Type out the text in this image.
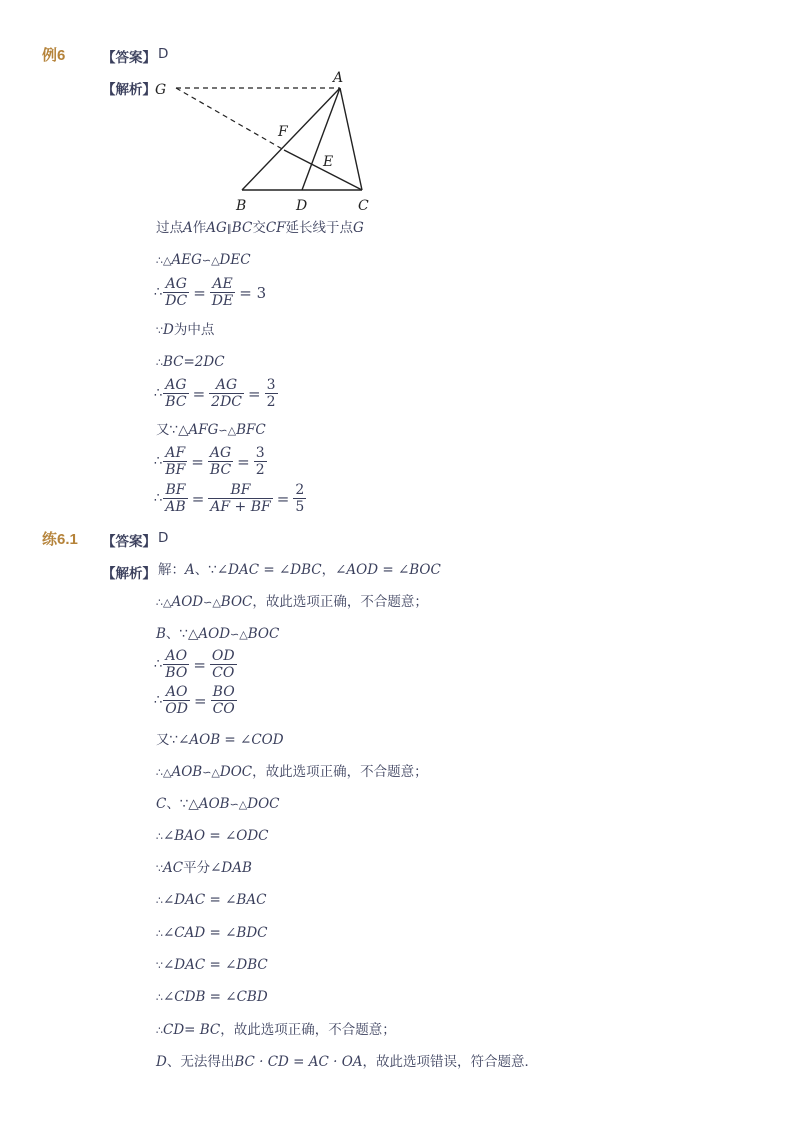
例6	【答案】 D
【解析】 G
A
F
E
B	D	C
过点A作AG∥BC交CF延长线于点G
∴△AEG∽△DEC
∴ $\frac{AG}{DC} = \frac{AE}{DE} = 3$
∵D为中点
∴BC=2DC
∴ $\frac{AG}{BC} = \frac{AG}{2DC} = \frac{3}{2}$
又∵△AFG∽△BFC
∴ $\frac{AF}{BF} = \frac{AG}{BC} = \frac{3}{2}$
∴ $\frac{BF}{AB} = \frac{BF}{AF + BF} = \frac{2}{5}$
练6.1 【答案】 D
【解析】 解：A、∵∠DAC = ∠DBC，∠AOD = ∠BOC
∴△AOD∽△BOC，故此选项正确，不合题意；
B、∵△AOD∽△BOC
∴ $\frac{AO}{BO} = \frac{OD}{CO}$
∴ $\frac{AO}{OD} = \frac{BO}{CO}$
又∵∠AOB = ∠COD
∴△AOB∽△DOC，故此选项正确，不合题意；
C、∵△AOB∽△DOC
∴∠BAO = ∠ODC
∵AC平分∠DAB
∴∠DAC = ∠BAC
∴∠CAD = ∠BDC
∵∠DAC = ∠DBC
∴∠CDB = ∠CBD
∴CD= BC，故此选项正确，不合题意；
D、无法得出BC · CD = AC · OA，故此选项错误，符合题意．
